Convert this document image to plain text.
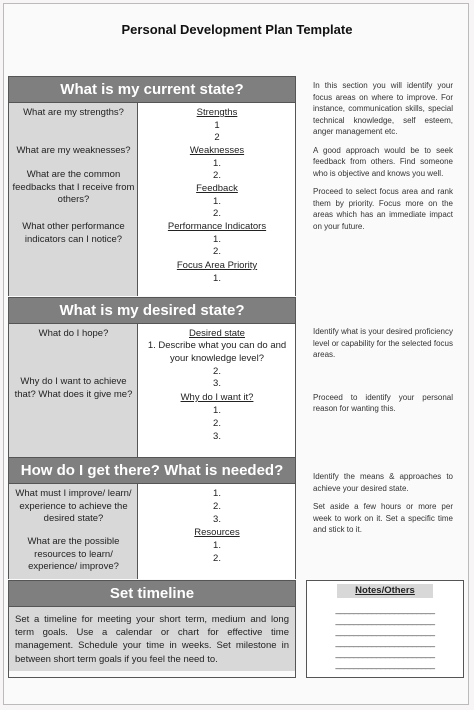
Personal Development Plan Template
What is my current state?
What are my strengths?
What are my weaknesses?
What are the common feedbacks that I receive from others?
What other performance indicators can I notice?
Strengths
1
2
Weaknesses
1.
2.
Feedback
1.
2.
Performance Indicators
1.
2.
Focus Area Priority
1.

In this section you will identify your focus areas on where to improve. For instance, communication skills, special technical knowledge, self esteem, anger management etc.

A good approach would be to seek feedback from others. Find someone who is objective and knows you well.

Proceed to select focus area and rank them by priority. Focus more on the areas which has an immediate impact on your future.

What is my desired state?
What do I hope?
Why do I want to achieve that? What does it give me?
Desired state
1. Describe what you can do and your knowledge level?
2.
3.
Why do I want it?
1.
2.
3.

Identify what is your desired proficiency level or capability for the selected focus areas.

Proceed to identify your personal reason for wanting this.

How do I get there? What is needed?
What must I improve/ learn/ experience to achieve the desired state?
What are the possible resources to learn/ experience/ improve?
1.
2.
3.
Resources
1.
2.

Identify the means & approaches to achieve your desired state.

Set aside a few hours or more per week to work on it. Set a specific time and stick to it.

Set timeline
Set a timeline for meeting your short term, medium and long term goals. Use a calendar or chart for effective time management. Schedule your time in weeks. Set milestone in between short term goals if you feel the need to.
Notes/Others
______________________
______________________
______________________
______________________
______________________
______________________
